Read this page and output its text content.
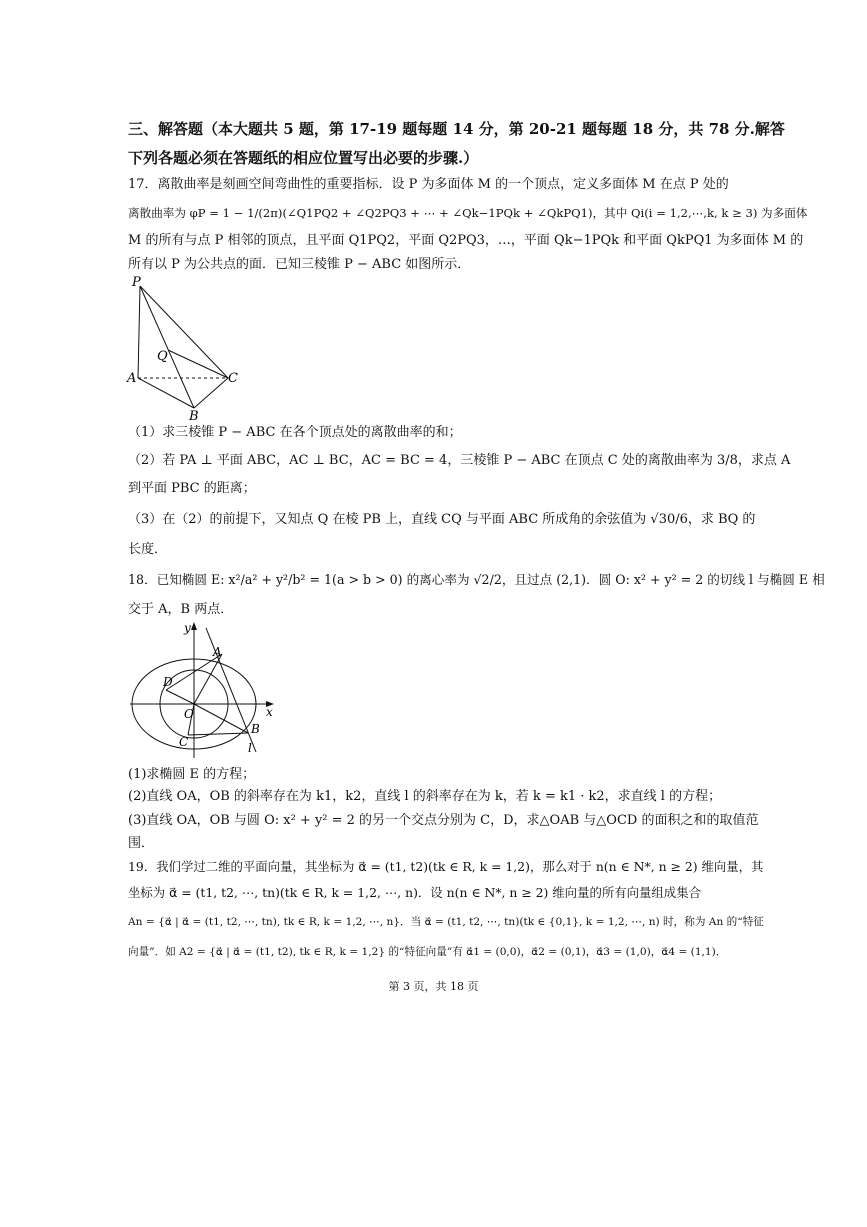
三、解答题（本大题共 5 题，第 17-19 题每题 14 分，第 20-21 题每题 18 分，共 78 分.解答
下列各题必须在答题纸的相应位置写出必要的步骤.）
17．离散曲率是刻画空间弯曲性的重要指标．设 P 为多面体 M 的一个顶点，定义多面体 M 在点 P 处的
离散曲率为 φP = 1 − 1/(2π)(∠Q1PQ2 + ∠Q2PQ3 + ⋯ + ∠Qk−1PQk + ∠QkPQ1)，其中 Qi(i = 1,2,⋯,k, k ≥ 3) 为多面体
M 的所有与点 P 相邻的顶点，且平面 Q1PQ2，平面 Q2PQ3，…，平面 Qk−1PQk 和平面 QkPQ1 为多面体 M 的
所有以 P 为公共点的面．已知三棱锥 P − ABC 如图所示．
P
Q
A	C
B
（1）求三棱锥 P − ABC 在各个顶点处的离散曲率的和；
（2）若 PA ⊥ 平面 ABC，AC ⊥ BC，AC = BC = 4，三棱锥 P − ABC 在顶点 C 处的离散曲率为 3/8，求点 A
到平面 PBC 的距离；
（3）在（2）的前提下，又知点 Q 在棱 PB 上，直线 CQ 与平面 ABC 所成角的余弦值为 √30/6，求 BQ 的
长度．
18．已知椭圆 E: x²/a² + y²/b² = 1(a > b > 0) 的离心率为 √2/2，且过点 (2,1)．圆 O: x² + y² = 2 的切线 l 与椭圆 E 相
交于 A，B 两点．
y
x
A
D
O
C
B
l
(1)求椭圆 E 的方程；
(2)直线 OA，OB 的斜率存在为 k1，k2，直线 l 的斜率存在为 k，若 k = k1 · k2，求直线 l 的方程；
(3)直线 OA，OB 与圆 O: x² + y² = 2 的另一个交点分别为 C，D，求△OAB 与△OCD 的面积之和的取值范
围．
19．我们学过二维的平面向量，其坐标为 α⃗ = (t1, t2)(tk ∈ R, k = 1,2)，那么对于 n(n ∈ N*, n ≥ 2) 维向量，其
坐标为 α⃗ = (t1, t2, ⋯, tn)(tk ∈ R, k = 1,2, ⋯, n)．设 n(n ∈ N*, n ≥ 2) 维向量的所有向量组成集合
An = {α⃗ | α⃗ = (t1, t2, ⋯, tn), tk ∈ R, k = 1,2, ⋯, n}．当 α⃗ = (t1, t2, ⋯, tn)(tk ∈ {0,1}, k = 1,2, ⋯, n) 时，称为 An 的“特征
向量”．如 A2 = {α⃗ | α⃗ = (t1, t2), tk ∈ R, k = 1,2} 的“特征向量”有 α⃗1 = (0,0)，α⃗2 = (0,1)，α⃗3 = (1,0)，α⃗4 = (1,1)．
第 3 页，共 18 页
